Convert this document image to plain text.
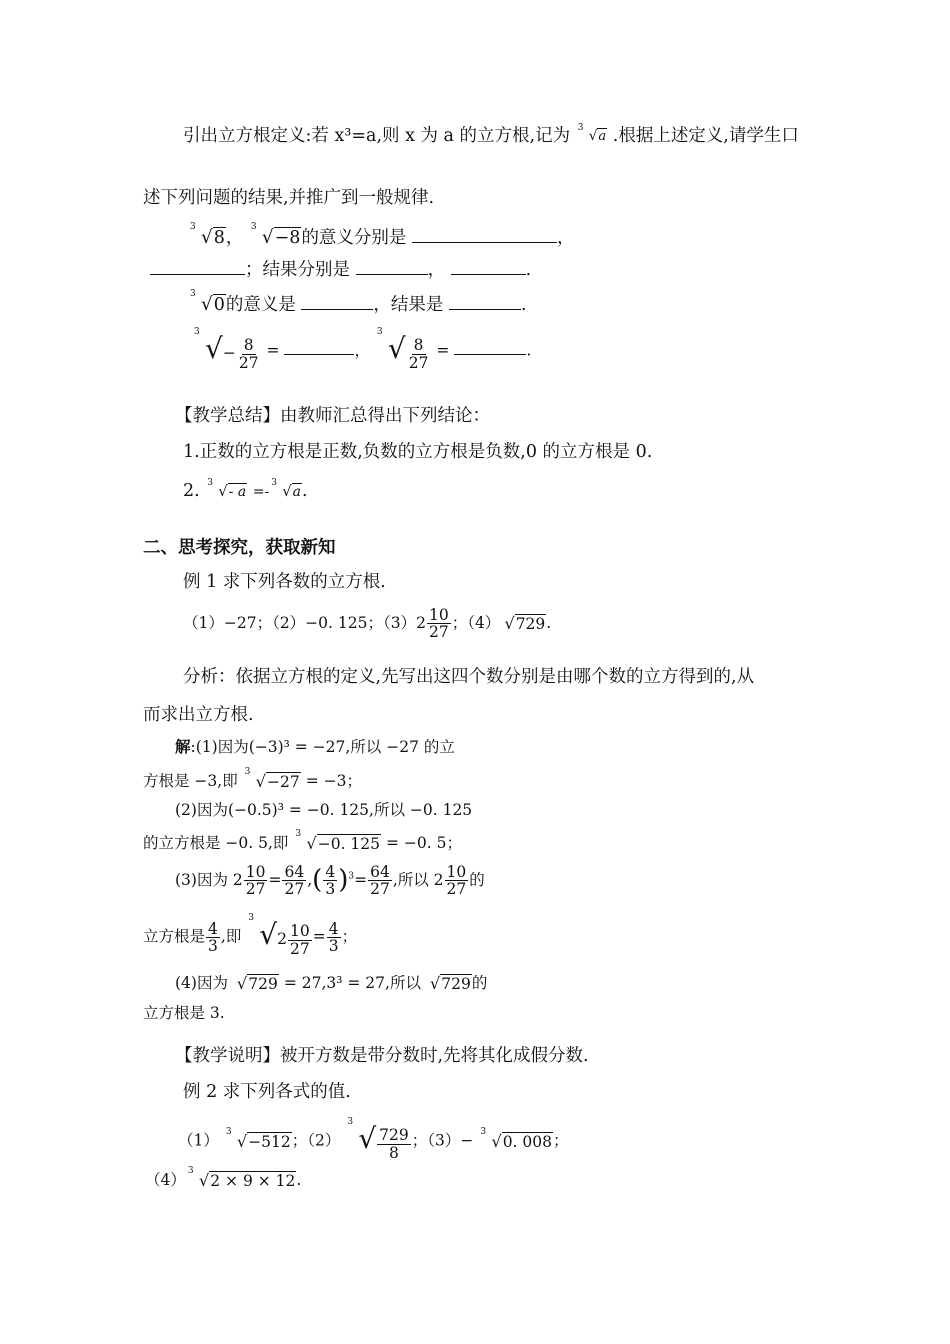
引出立方根定义:若 x³=a,则 x 为 a 的立方根,记为 3 √a .根据上述定义,请学生口
述下列问题的结果,并推广到一般规律.
3 √8，
3 √−8的意义分别是	，
；结果分别是	，	.
3 √0的意义是	，结果是	.
3 √− $\frac{8}{27}$ =	，
3 √ $\frac{8}{27}$ =	.
【教学总结】由教师汇总得出下列结论：
1.正数的立方根是正数,负数的立方根是负数,0 的立方根是 0.
2. 3 √- a =-
3 √a.
二、思考探究，获取新知
例 1 求下列各数的立方根.
（1）−27；（2）−0. 125；$(3)2 \frac{10}{27}$ ；（4） √729.
分析：依据立方根的定义,先写出这四个数分别是由哪个数的立方得到的,从
而求出立方根.
解:(1)因为(−3)³ = −27,所以 −27 的立
方根是 −3,即 3 √−27 = −3；
(2)因为(−0.5)³ = −0. 125,所以 −0. 125
的立方根是 −0. 5,即 3 √−0. 125 = −0. 5；
(3)因为 $2 \frac{10}{27} = \frac{64}{27}$ ,( $\frac{4}{3} )^3= \frac{64}{27}$ ,所以 $2 \frac{10}{27}$ 的
立方根是 $\frac{4}{3}$ ,即
3 $√2 \frac{10}{27} = \frac{4}{3}$ ；
(4)因为 √729 = 27,3³ = 27,所以 √729的
立方根是 3.
【教学说明】被开方数是带分数时,先将其化成假分数.
例 2 求下列各式的值.
（1） 3 √−512；（2）
3 √ $\frac{729}{8}$ ；（3）− 3 √0. 008；
（4） 3 √2 × 9 × 12.
